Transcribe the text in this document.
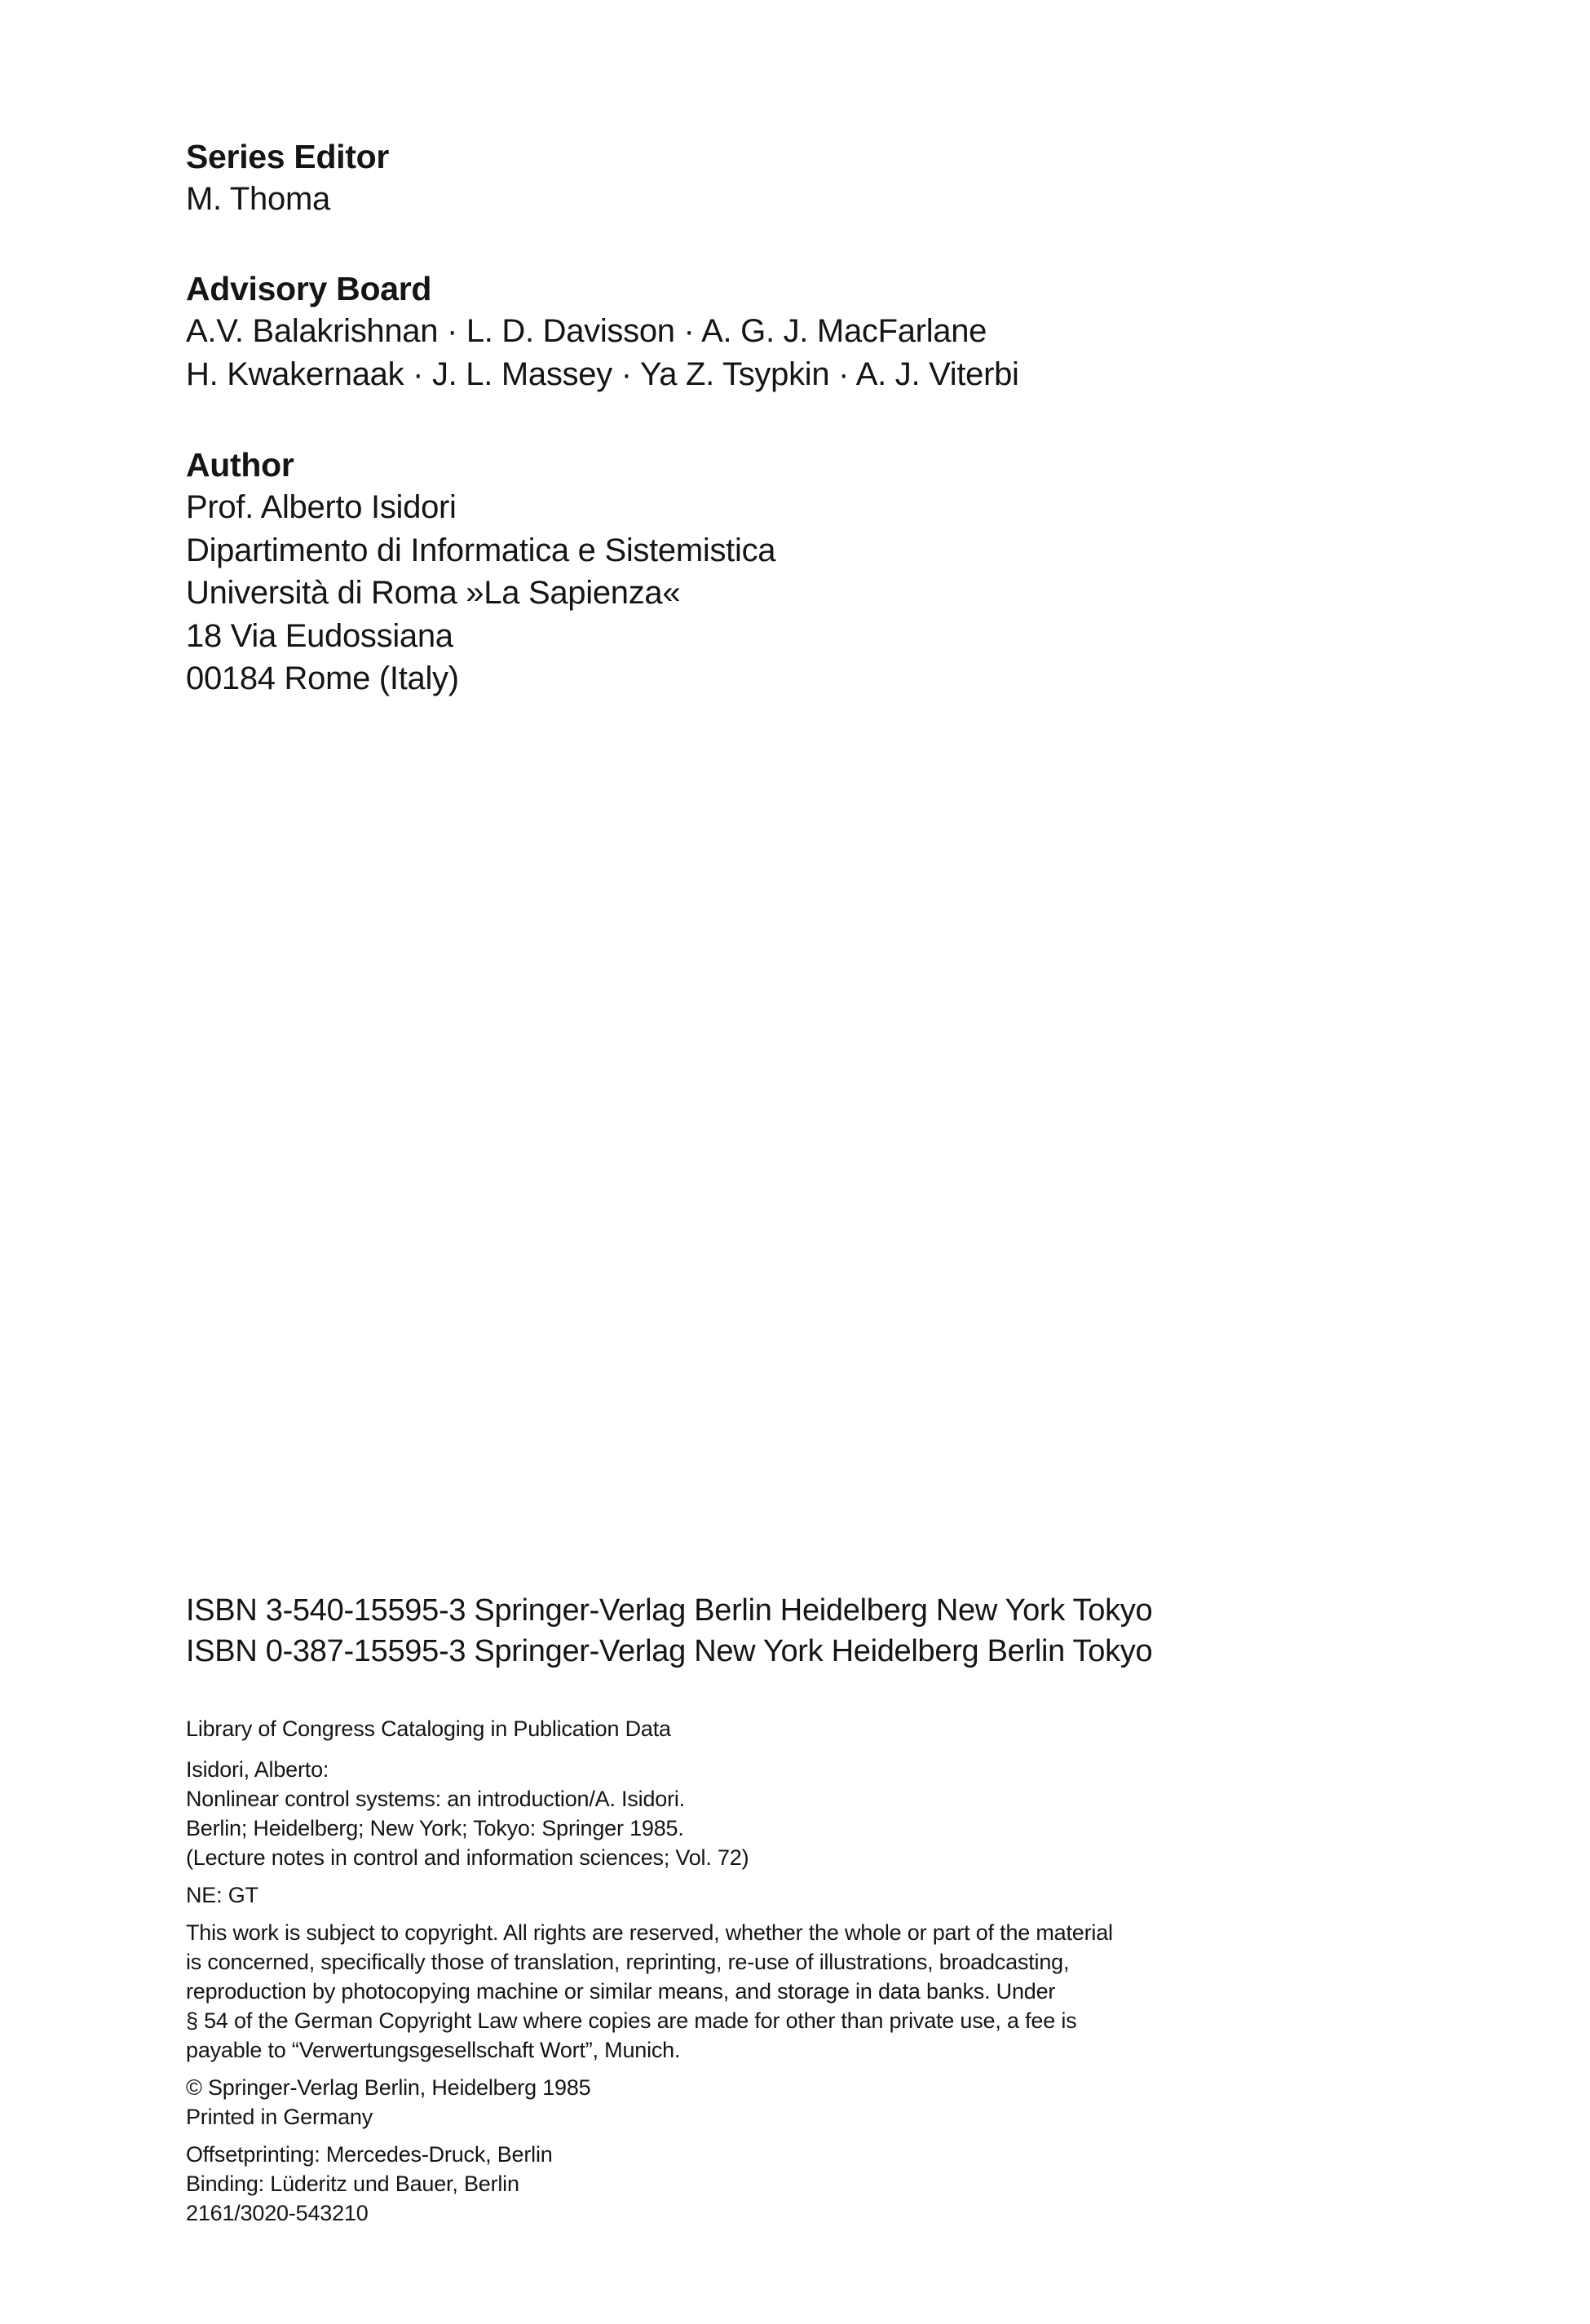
Series Editor
M. Thoma
Advisory Board
A.V. Balakrishnan · L. D. Davisson · A. G. J. MacFarlane
H. Kwakernaak · J. L. Massey · Ya Z. Tsypkin · A. J. Viterbi
Author
Prof. Alberto Isidori
Dipartimento di Informatica e Sistemistica
Università di Roma »La Sapienza«
18 Via Eudossiana
00184 Rome (Italy)
ISBN 3-540-15595-3 Springer-Verlag Berlin Heidelberg New York Tokyo
ISBN 0-387-15595-3 Springer-Verlag New York Heidelberg Berlin Tokyo
Library of Congress Cataloging in Publication Data
Isidori, Alberto:
Nonlinear control systems: an introduction/A. Isidori.
Berlin; Heidelberg; New York; Tokyo: Springer 1985.
(Lecture notes in control and information sciences; Vol. 72)
NE: GT
This work is subject to copyright. All rights are reserved, whether the whole or part of the material
is concerned, specifically those of translation, reprinting, re-use of illustrations, broadcasting,
reproduction by photocopying machine or similar means, and storage in data banks. Under
§ 54 of the German Copyright Law where copies are made for other than private use, a fee is
payable to “Verwertungsgesellschaft Wort”, Munich.
© Springer-Verlag Berlin, Heidelberg 1985
Printed in Germany
Offsetprinting: Mercedes-Druck, Berlin
Binding: Lüderitz und Bauer, Berlin
2161/3020-543210
